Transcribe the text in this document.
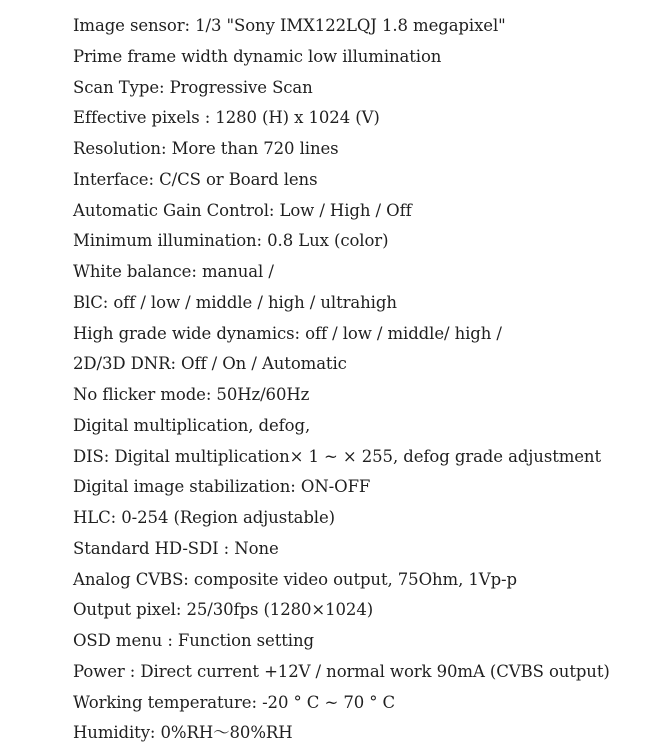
Image sensor: 1/3 "Sony IMX122LQJ 1.8 megapixel"
Prime frame width dynamic low illumination
Scan Type: Progressive Scan
Effective pixels : 1280 (H) x 1024 (V)
Resolution: More than 720 lines
Interface: C/CS or Board lens
Automatic Gain Control: Low / High / Off
Minimum illumination: 0.8 Lux (color)
White balance: manual /
BlC: off / low / middle / high / ultrahigh
High grade wide dynamics: off / low / middle/ high /
2D/3D DNR: Off / On / Automatic
No flicker mode: 50Hz/60Hz
Digital multiplication, defog,
DIS: Digital multiplication× 1 ~ × 255, defog grade adjustment
Digital image stabilization: ON-OFF
HLC: 0-254 (Region adjustable)
Standard HD-SDI : None
Analog CVBS: composite video output, 75Ohm, 1Vp-p
Output pixel: 25/30fps (1280×1024)
OSD menu : Function setting
Power : Direct current +12V / normal work 90mA (CVBS output)
Working temperature: -20 ° C ~ 70 ° C
Humidity: 0%RH～80%RH
